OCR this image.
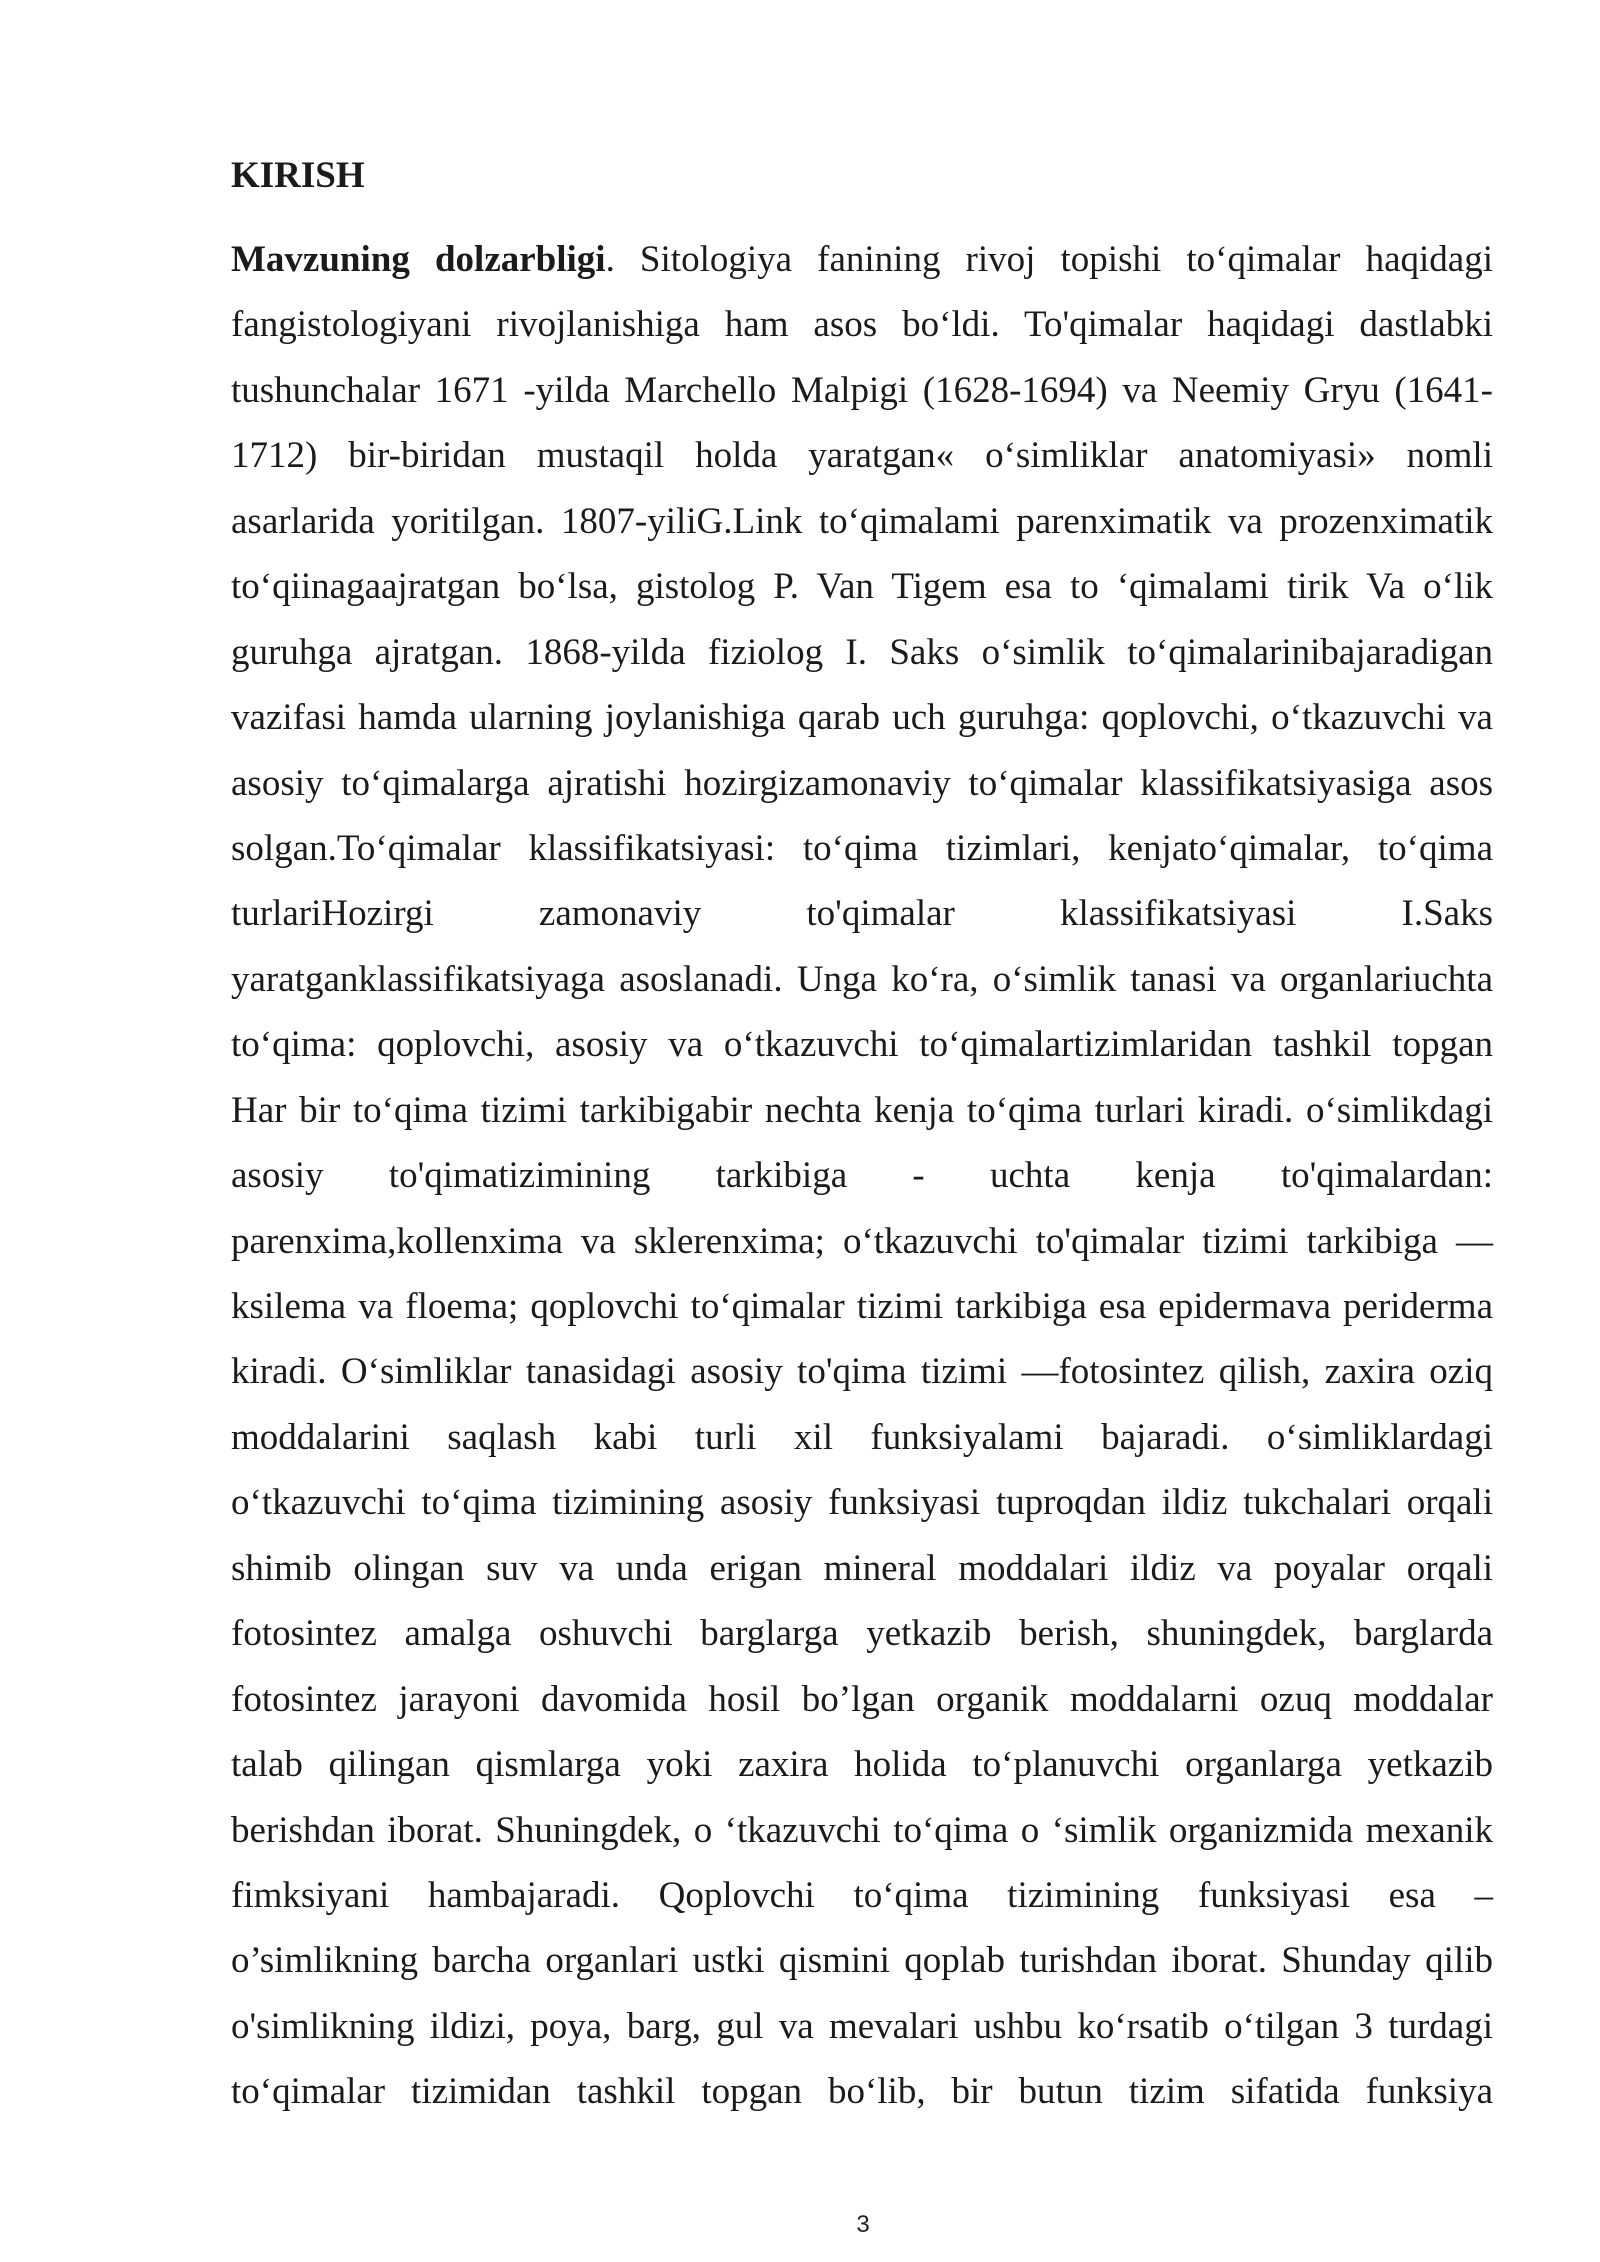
KIRISH
Mavzuning dolzarbligi. Sitologiya fanining rivoj topishi to‘qimalar haqidagi
fangistologiyani rivojlanishiga ham asos bo‘ldi. To'qimalar haqidagi dastlabki
tushunchalar 1671 -yilda Marchello Malpigi (1628-1694) va Neemiy Gryu (1641-
1712) bir-biridan mustaqil holda yaratgan« o‘simliklar anatomiyasi» nomli
asarlarida yoritilgan. 1807-yiliG.Link to‘qimalami parenximatik va prozenximatik
to‘qiinagaajratgan bo‘lsa, gistolog P. Van Tigem esa to ‘qimalami tirik Va o‘lik
guruhga ajratgan. 1868-yilda fiziolog I. Saks o‘simlik to‘qimalarinibajaradigan
vazifasi hamda ularning joylanishiga qarab uch guruhga: qoplovchi, o‘tkazuvchi va
asosiy to‘qimalarga ajratishi hozirgizamonaviy to‘qimalar klassifikatsiyasiga asos
solgan.To‘qimalar klassifikatsiyasi: to‘qima tizimlari, kenjato‘qimalar, to‘qima
turlariHozirgi zamonaviy to'qimalar klassifikatsiyasi I.Saks
yaratganklassifikatsiyaga asoslanadi. Unga ko‘ra, o‘simlik tanasi va organlariuchta
to‘qima: qoplovchi, asosiy va o‘tkazuvchi to‘qimalartizimlaridan tashkil topgan
Har bir to‘qima tizimi tarkibigabir nechta kenja to‘qima turlari kiradi. o‘simlikdagi
asosiy to'qimatizimining tarkibiga - uchta kenja to'qimalardan:
parenxima,kollenxima va sklerenxima; o‘tkazuvchi to'qimalar tizimi tarkibiga —
ksilema va floema; qoplovchi to‘qimalar tizimi tarkibiga esa epidermava periderma
kiradi. O‘simliklar tanasidagi asosiy to'qima tizimi —fotosintez qilish, zaxira oziq
moddalarini saqlash kabi turli xil funksiyalami bajaradi. o‘simliklardagi
o‘tkazuvchi to‘qima tizimining asosiy funksiyasi tuproqdan ildiz tukchalari orqali
shimib olingan suv va unda erigan mineral moddalari ildiz va poyalar orqali
fotosintez amalga oshuvchi barglarga yetkazib berish, shuningdek, barglarda
fotosintez jarayoni davomida hosil bo’lgan organik moddalarni ozuq moddalar
talab qilingan qismlarga yoki zaxira holida to‘planuvchi organlarga yetkazib
berishdan iborat. Shuningdek, o ‘tkazuvchi to‘qima o ‘simlik organizmida mexanik
fimksiyani hambajaradi. Qoplovchi to‘qima tizimining funksiyasi esa –
o’simlikning barcha organlari ustki qismini qoplab turishdan iborat. Shunday qilib
o'simlikning ildizi, poya, barg, gul va mevalari ushbu ko‘rsatib o‘tilgan 3 turdagi
to‘qimalar tizimidan tashkil topgan bo‘lib, bir butun tizim sifatida funksiya
3
